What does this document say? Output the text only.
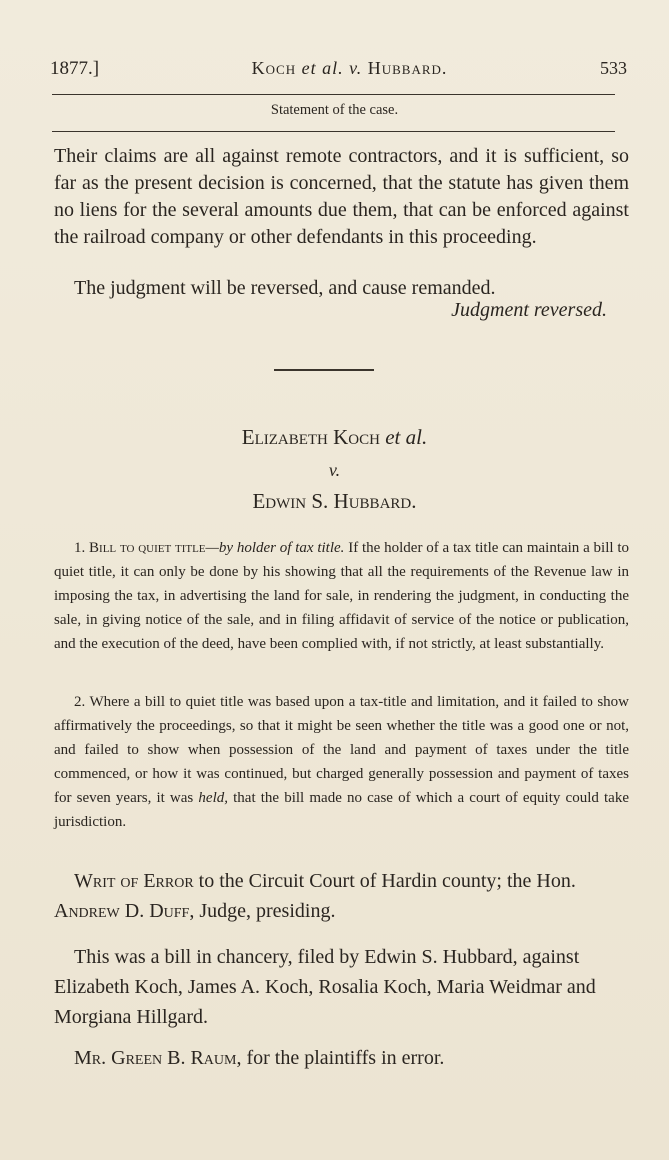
1877.]	Koch et al. v. Hubbard.	533
Statement of the case.
Their claims are all against remote contractors, and it is sufficient, so far as the present decision is concerned, that the statute has given them no liens for the several amounts due them, that can be enforced against the railroad company or other defendants in this proceeding.
The judgment will be reversed, and cause remanded.
Judgment reversed.
Elizabeth Koch et al.
v.
Edwin S. Hubbard.
1. Bill to quiet title—by holder of tax title. If the holder of a tax title can maintain a bill to quiet title, it can only be done by his showing that all the requirements of the Revenue law in imposing the tax, in advertising the land for sale, in rendering the judgment, in conducting the sale, in giving notice of the sale, and in filing affidavit of service of the notice or publication, and the execution of the deed, have been complied with, if not strictly, at least substantially.
2. Where a bill to quiet title was based upon a tax-title and limitation, and it failed to show affirmatively the proceedings, so that it might be seen whether the title was a good one or not, and failed to show when possession of the land and payment of taxes under the title commenced, or how it was continued, but charged generally possession and payment of taxes for seven years, it was held, that the bill made no case of which a court of equity could take jurisdiction.
Writ of Error to the Circuit Court of Hardin county; the Hon. Andrew D. Duff, Judge, presiding.
This was a bill in chancery, filed by Edwin S. Hubbard, against Elizabeth Koch, James A. Koch, Rosalia Koch, Maria Weidmar and Morgiana Hillgard.
Mr. Green B. Raum, for the plaintiffs in error.
